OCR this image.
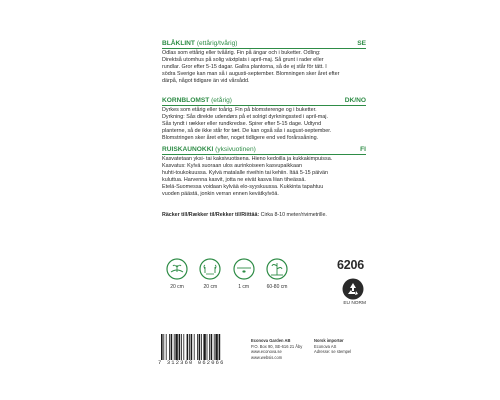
BLÅKLINT (ettårig/tvårig)	SE
Odlas som ettårig eller tvåårig. Fin på ängar och i buketter. Odling:
Direktså utomhus på solig växtplats i april-maj. Så grunt i rader eller
rundlar. Gror efter 5-15 dagar. Gallra plantorna, så de ej står för tätt. I
södra Sverige kan man så i augusti-september. Blomningen sker året efter
därpå, något tidigare än vid vårsådd.
KORNBLOMST (etårig)	DK/NO
Dyrkes som etårig eller toårig. Fin på blomsterenge og i buketter.
Dyrkning: Sås direkte udendørs på et solrigt dyrkningssted i april-maj.
Sås tyndt i rækker eller rundkredse. Spirer efter 5-15 dage. Udtynd
planterne, så de ikke står for tæt. De kan også sås i august-september.
Blomstringen sker året efter, noget tidligere end ved forårssåning.
RUISKAUNOKKI (yksivuotinen)	FI
Kasvatetaan yksi- tai kaksivuotisena. Hieno kedoilla ja kukkakimpuissa.
Kasvatus: Kylvä suoraan ulos aurinkoiseen kasvupaikkaan
huhti-toukokuussa. Kylvä matalalle riveihin tai kehiin. Itää 5-15 päivän
kuluttua. Harvenna kasvit, jotta ne eivät kasva liian tiheässä.
Etelä-Suomessa voidaan kylvää elo-syyskuussa. Kukkinta tapahtuu
vuoden päästä, jonkin verran ennen kevätkylvöä.
Räcker till/Rækker til/Rekker til/Riittää: Cirka 8-10 meter/rivimetrille.
20 cm	20 cm	1 cm	60-80 cm
6206
EU NORM
7 312360 062066
Econova Garden AB
P.O. Box 90, SE-616 21 Åby
www.econova.se
www.websis.com
Norsk importør
Econova AS
Adresse: se stempel
